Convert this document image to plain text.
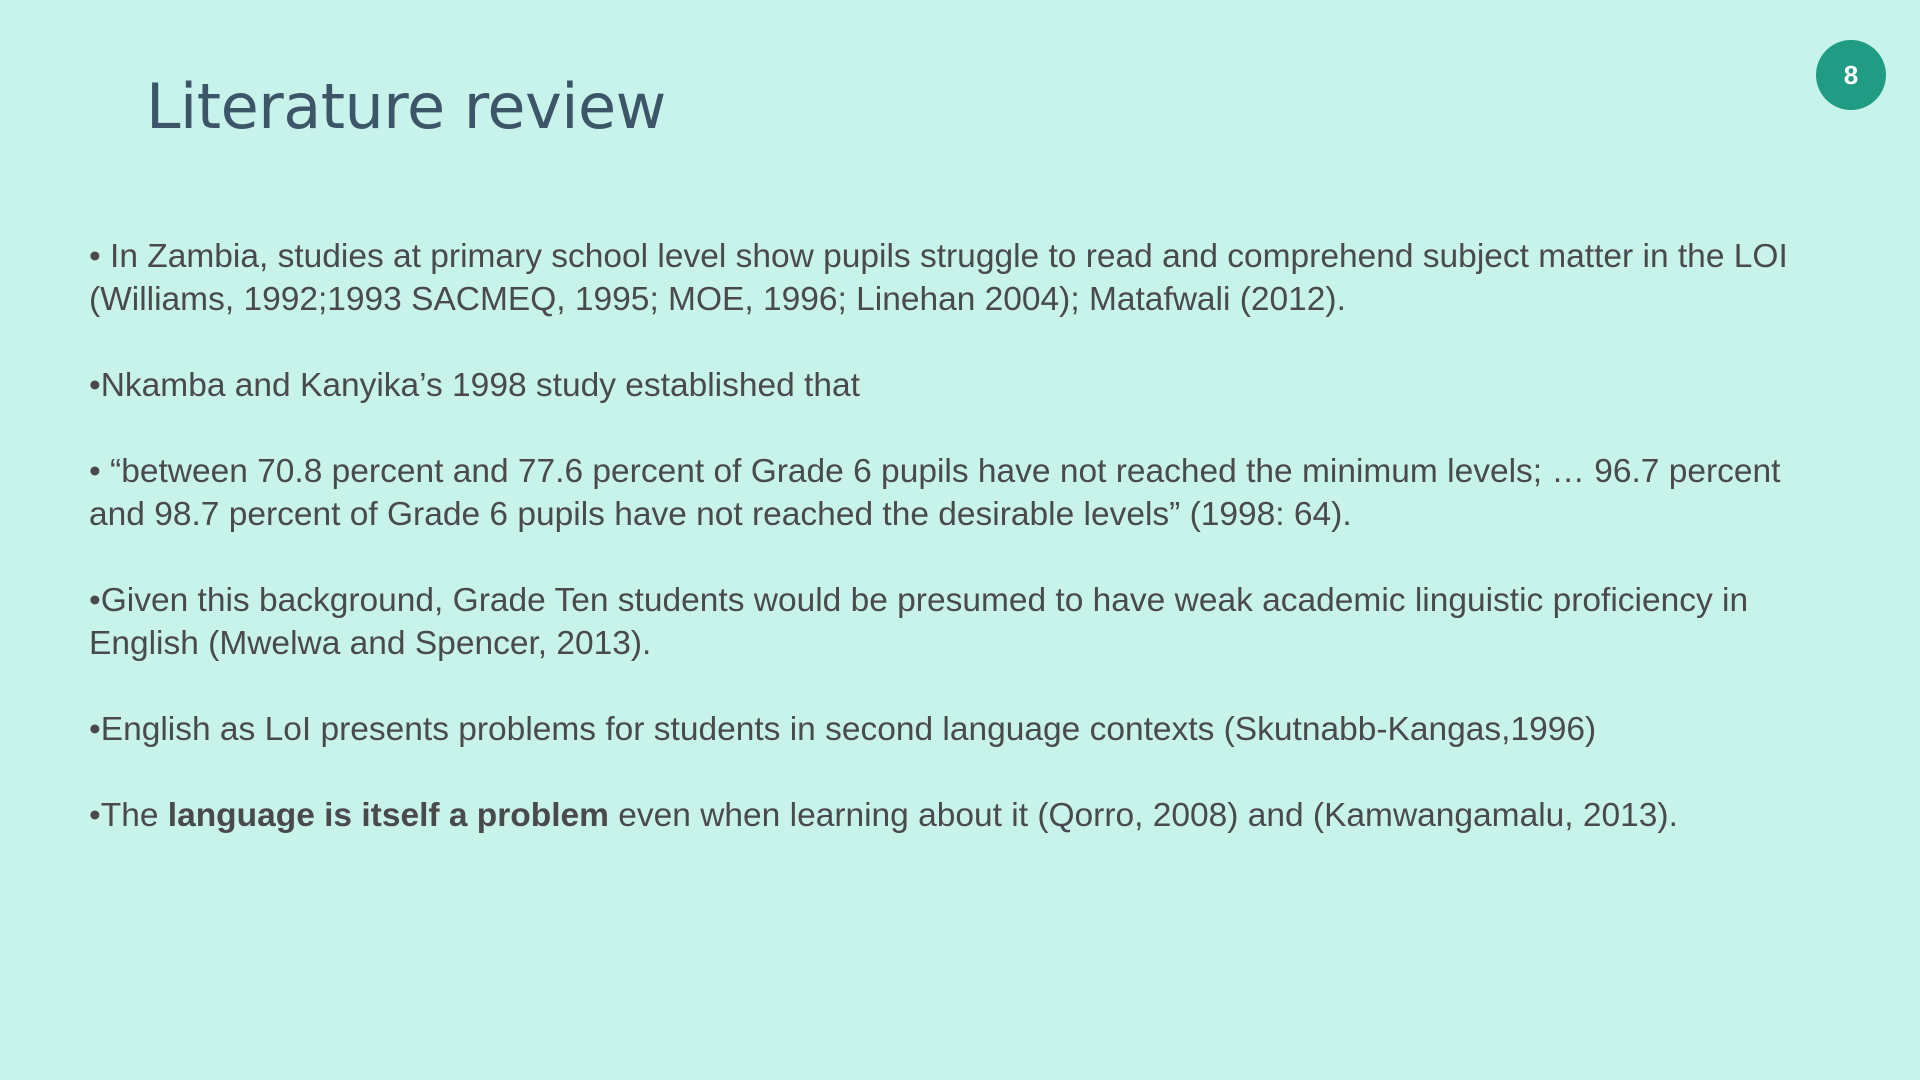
8
Literature review

• In Zambia, studies at primary school level show pupils struggle to read and comprehend subject matter in the LOI (Williams, 1992;1993 SACMEQ, 1995; MOE, 1996; Linehan 2004); Matafwali (2012).

•Nkamba and Kanyika’s 1998 study established that

• “between 70.8 percent and 77.6 percent of Grade 6 pupils have not reached the minimum levels; … 96.7 percent and 98.7 percent of Grade 6 pupils have not reached the desirable levels” (1998: 64).

•Given this background, Grade Ten students would be presumed to have weak academic linguistic proficiency in English (Mwelwa and Spencer, 2013).

•English as LoI presents problems for students in second language contexts (Skutnabb-Kangas,1996)

•The language is itself a problem even when learning about it (Qorro, 2008) and (Kamwangamalu, 2013).
